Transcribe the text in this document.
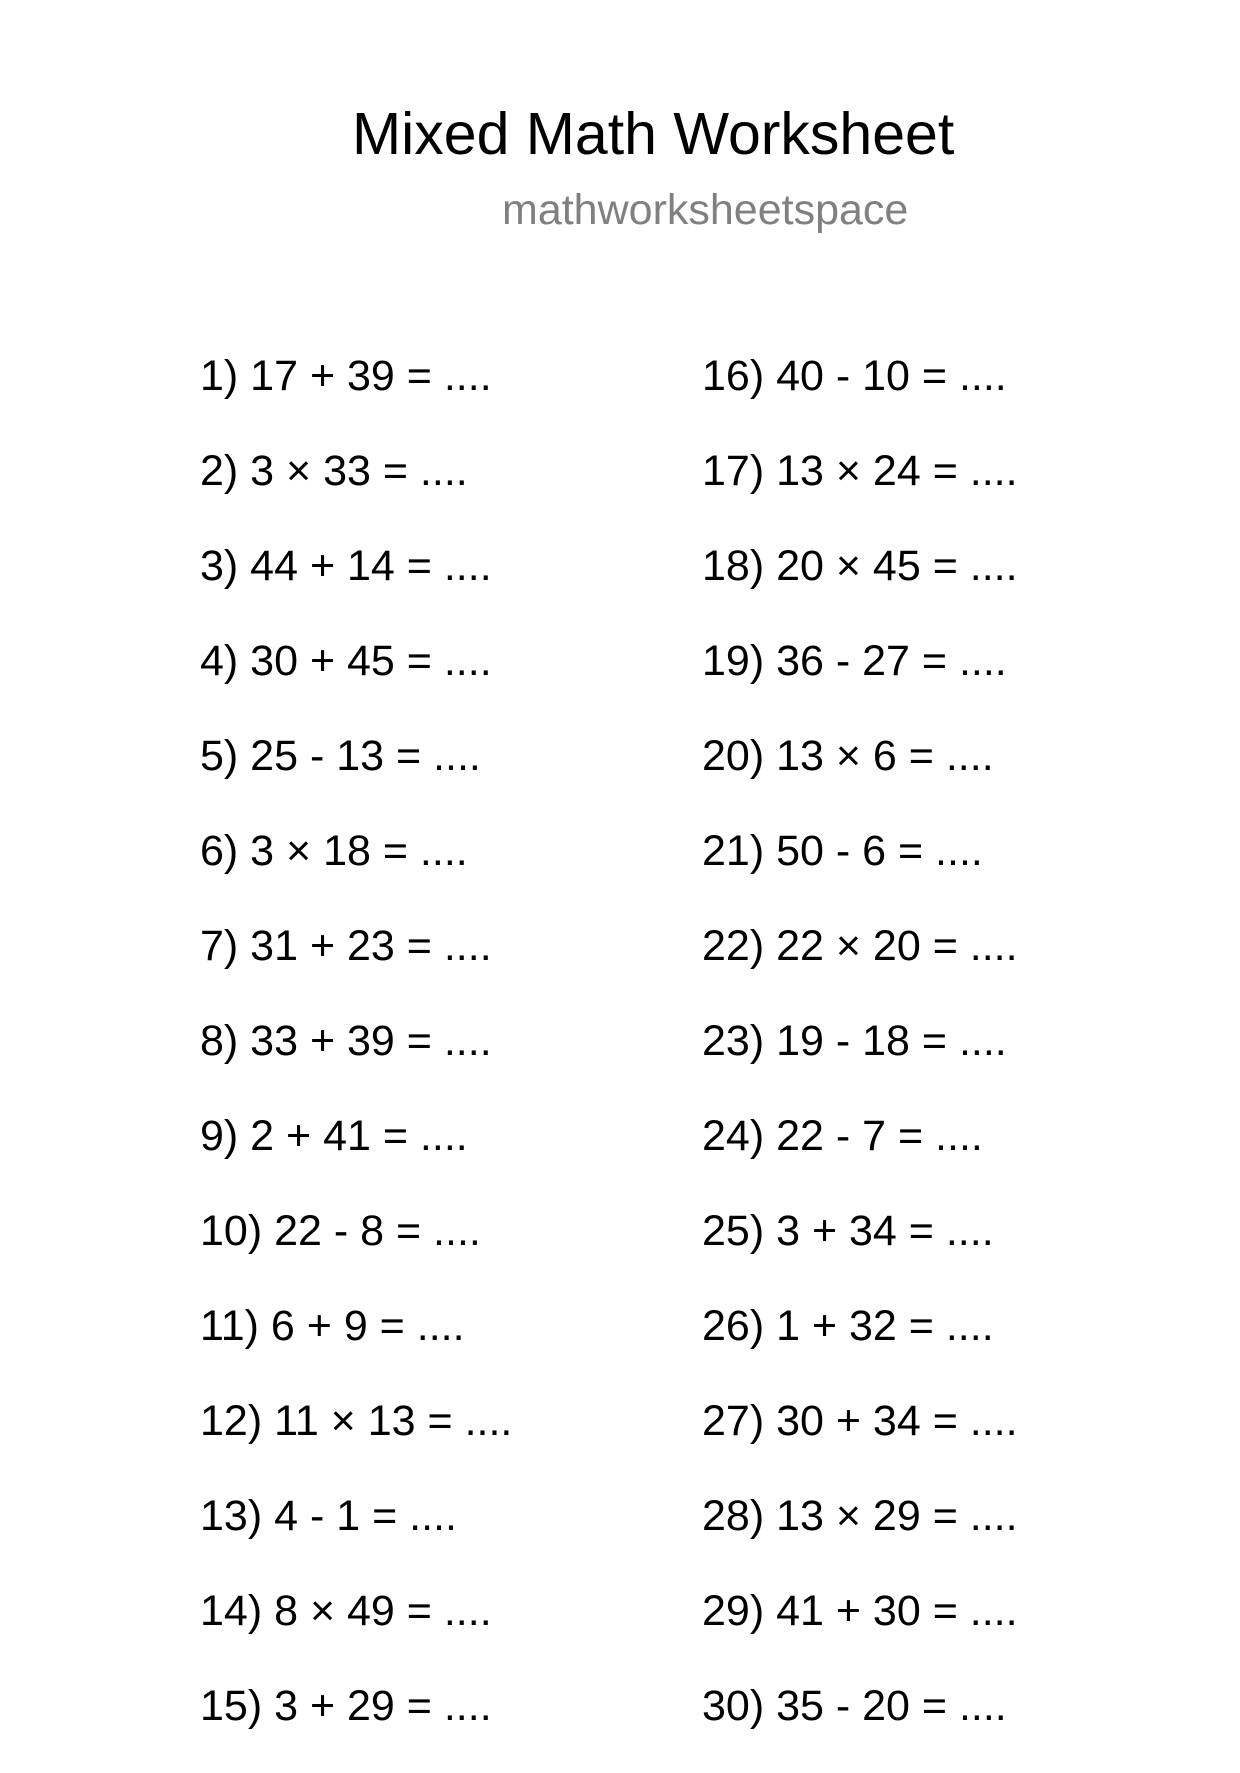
Mixed Math Worksheet
mathworksheetspace
1) 17 + 39 = ....
2) 3 × 33 = ....
3) 44 + 14 = ....
4) 30 + 45 = ....
5) 25 - 13 = ....
6) 3 × 18 = ....
7) 31 + 23 = ....
8) 33 + 39 = ....
9) 2 + 41 = ....
10) 22 - 8 = ....
11) 6 + 9 = ....
12) 11 × 13 = ....
13) 4 - 1 = ....
14) 8 × 49 = ....
15) 3 + 29 = ....
16) 40 - 10 = ....
17) 13 × 24 = ....
18) 20 × 45 = ....
19) 36 - 27 = ....
20) 13 × 6 = ....
21) 50 - 6 = ....
22) 22 × 20 = ....
23) 19 - 18 = ....
24) 22 - 7 = ....
25) 3 + 34 = ....
26) 1 + 32 = ....
27) 30 + 34 = ....
28) 13 × 29 = ....
29) 41 + 30 = ....
30) 35 - 20 = ....
